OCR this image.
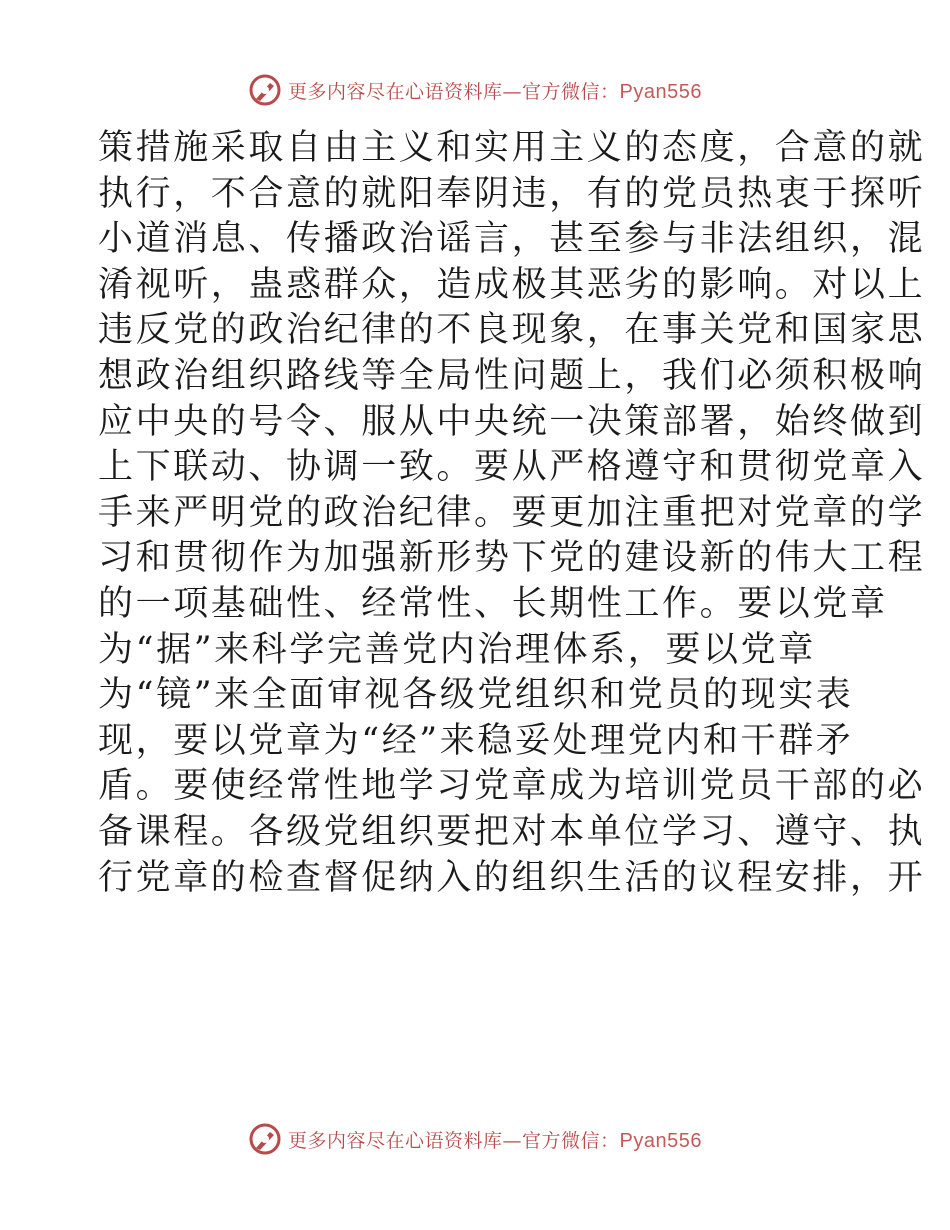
更多内容尽在心语资料库—官方微信：Pyan556
策措施采取自由主义和实用主义的态度，合意的就
执行，不合意的就阳奉阴违，有的党员热衷于探听
小道消息、传播政治谣言，甚至参与非法组织，混
淆视听，蛊惑群众，造成极其恶劣的影响。对以上
违反党的政治纪律的不良现象，在事关党和国家思
想政治组织路线等全局性问题上，我们必须积极响
应中央的号令、服从中央统一决策部署，始终做到
上下联动、协调一致。要从严格遵守和贯彻党章入
手来严明党的政治纪律。要更加注重把对党章的学
习和贯彻作为加强新形势下党的建设新的伟大工程
的一项基础性、经常性、长期性工作。要以党章
为“据”来科学完善党内治理体系，要以党章
为“镜”来全面审视各级党组织和党员的现实表
现，要以党章为“经”来稳妥处理党内和干群矛
盾。要使经常性地学习党章成为培训党员干部的必
备课程。各级党组织要把对本单位学习、遵守、执
行党章的检查督促纳入的组织生活的议程安排，开
更多内容尽在心语资料库—官方微信：Pyan556
